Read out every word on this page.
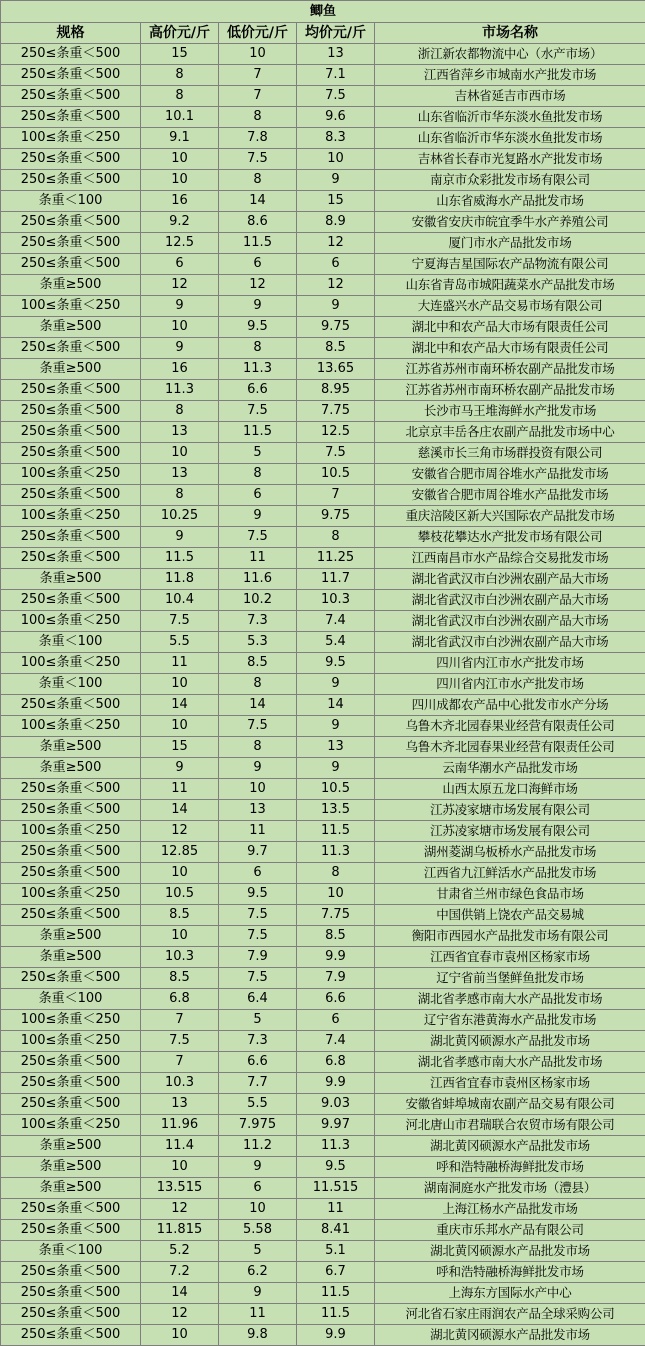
鲫鱼				
规格	高价元/斤	低价元/斤	均价元/斤	市场名称
250≤条重＜500	15	10	13	浙江新农都物流中心（水产市场）
250≤条重＜500	8	7	7.1	江西省萍乡市城南水产批发市场
250≤条重＜500	8	7	7.5	吉林省延吉市西市场
250≤条重＜500	10.1	8	9.6	山东省临沂市华东淡水鱼批发市场
100≤条重＜250	9.1	7.8	8.3	山东省临沂市华东淡水鱼批发市场
250≤条重＜500	10	7.5	10	吉林省长春市光复路水产批发市场
250≤条重＜500	10	8	9	南京市众彩批发市场有限公司
条重＜100	16	14	15	山东省威海水产品批发市场
250≤条重＜500	9.2	8.6	8.9	安徽省安庆市皖宜季牛水产养殖公司
250≤条重＜500	12.5	11.5	12	厦门市水产品批发市场
250≤条重＜500	6	6	6	宁夏海吉星国际农产品物流有限公司
条重≥500	12	12	12	山东省青岛市城阳蔬菜水产品批发市场
100≤条重＜250	9	9	9	大连盛兴水产品交易市场有限公司
条重≥500	10	9.5	9.75	湖北中和农产品大市场有限责任公司
250≤条重＜500	9	8	8.5	湖北中和农产品大市场有限责任公司
条重≥500	16	11.3	13.65	江苏省苏州市南环桥农副产品批发市场
250≤条重＜500	11.3	6.6	8.95	江苏省苏州市南环桥农副产品批发市场
250≤条重＜500	8	7.5	7.75	长沙市马王堆海鲜水产批发市场
250≤条重＜500	13	11.5	12.5	北京京丰岳各庄农副产品批发市场中心
250≤条重＜500	10	5	7.5	慈溪市长三角市场群投资有限公司
100≤条重＜250	13	8	10.5	安徽省合肥市周谷堆水产品批发市场
250≤条重＜500	8	6	7	安徽省合肥市周谷堆水产品批发市场
100≤条重＜250	10.25	9	9.75	重庆涪陵区新大兴国际农产品批发市场
250≤条重＜500	9	7.5	8	攀枝花攀达水产批发市场有限公司
250≤条重＜500	11.5	11	11.25	江西南昌市水产品综合交易批发市场
条重≥500	11.8	11.6	11.7	湖北省武汉市白沙洲农副产品大市场
250≤条重＜500	10.4	10.2	10.3	湖北省武汉市白沙洲农副产品大市场
100≤条重＜250	7.5	7.3	7.4	湖北省武汉市白沙洲农副产品大市场
条重＜100	5.5	5.3	5.4	湖北省武汉市白沙洲农副产品大市场
100≤条重＜250	11	8.5	9.5	四川省内江市水产批发市场
条重＜100	10	8	9	四川省内江市水产批发市场
250≤条重＜500	14	14	14	四川成都农产品中心批发市水产分场
100≤条重＜250	10	7.5	9	乌鲁木齐北园春果业经营有限责任公司
条重≥500	15	8	13	乌鲁木齐北园春果业经营有限责任公司
条重≥500	9	9	9	云南华潮水产品批发市场
250≤条重＜500	11	10	10.5	山西太原五龙口海鲜市场
250≤条重＜500	14	13	13.5	江苏凌家塘市场发展有限公司
100≤条重＜250	12	11	11.5	江苏凌家塘市场发展有限公司
250≤条重＜500	12.85	9.7	11.3	湖州菱湖乌板桥水产品批发市场
250≤条重＜500	10	6	8	江西省九江鲜活水产品批发市场
100≤条重＜250	10.5	9.5	10	甘肃省兰州市绿色食品市场
250≤条重＜500	8.5	7.5	7.75	中国供销上饶农产品交易城
条重≥500	10	7.5	8.5	衡阳市西园水产品批发市场有限公司
条重≥500	10.3	7.9	9.9	江西省宜春市袁州区杨家市场
250≤条重＜500	8.5	7.5	7.9	辽宁省前当堡鲜鱼批发市场
条重＜100	6.8	6.4	6.6	湖北省孝感市南大水产品批发市场
100≤条重＜250	7	5	6	辽宁省东港黄海水产品批发市场
100≤条重＜250	7.5	7.3	7.4	湖北黄冈硕源水产品批发市场
250≤条重＜500	7	6.6	6.8	湖北省孝感市南大水产品批发市场
250≤条重＜500	10.3	7.7	9.9	江西省宜春市袁州区杨家市场
250≤条重＜500	13	5.5	9.03	安徽省蚌埠城南农副产品交易有限公司
100≤条重＜250	11.96	7.975	9.97	河北唐山市君瑞联合农贸市场有限公司
条重≥500	11.4	11.2	11.3	湖北黄冈硕源水产品批发市场
条重≥500	10	9	9.5	呼和浩特融桥海鲜批发市场
条重≥500	13.515	6	11.515	湖南洞庭水产批发市场（澧县）
250≤条重＜500	12	10	11	上海江杨水产品批发市场
250≤条重＜500	11.815	5.58	8.41	重庆市乐邦水产品有限公司
条重＜100	5.2	5	5.1	湖北黄冈硕源水产品批发市场
250≤条重＜500	7.2	6.2	6.7	呼和浩特融桥海鲜批发市场
250≤条重＜500	14	9	11.5	上海东方国际水产中心
250≤条重＜500	12	11	11.5	河北省石家庄雨润农产品全球采购公司
250≤条重＜500	10	9.8	9.9	湖北黄冈硕源水产品批发市场
